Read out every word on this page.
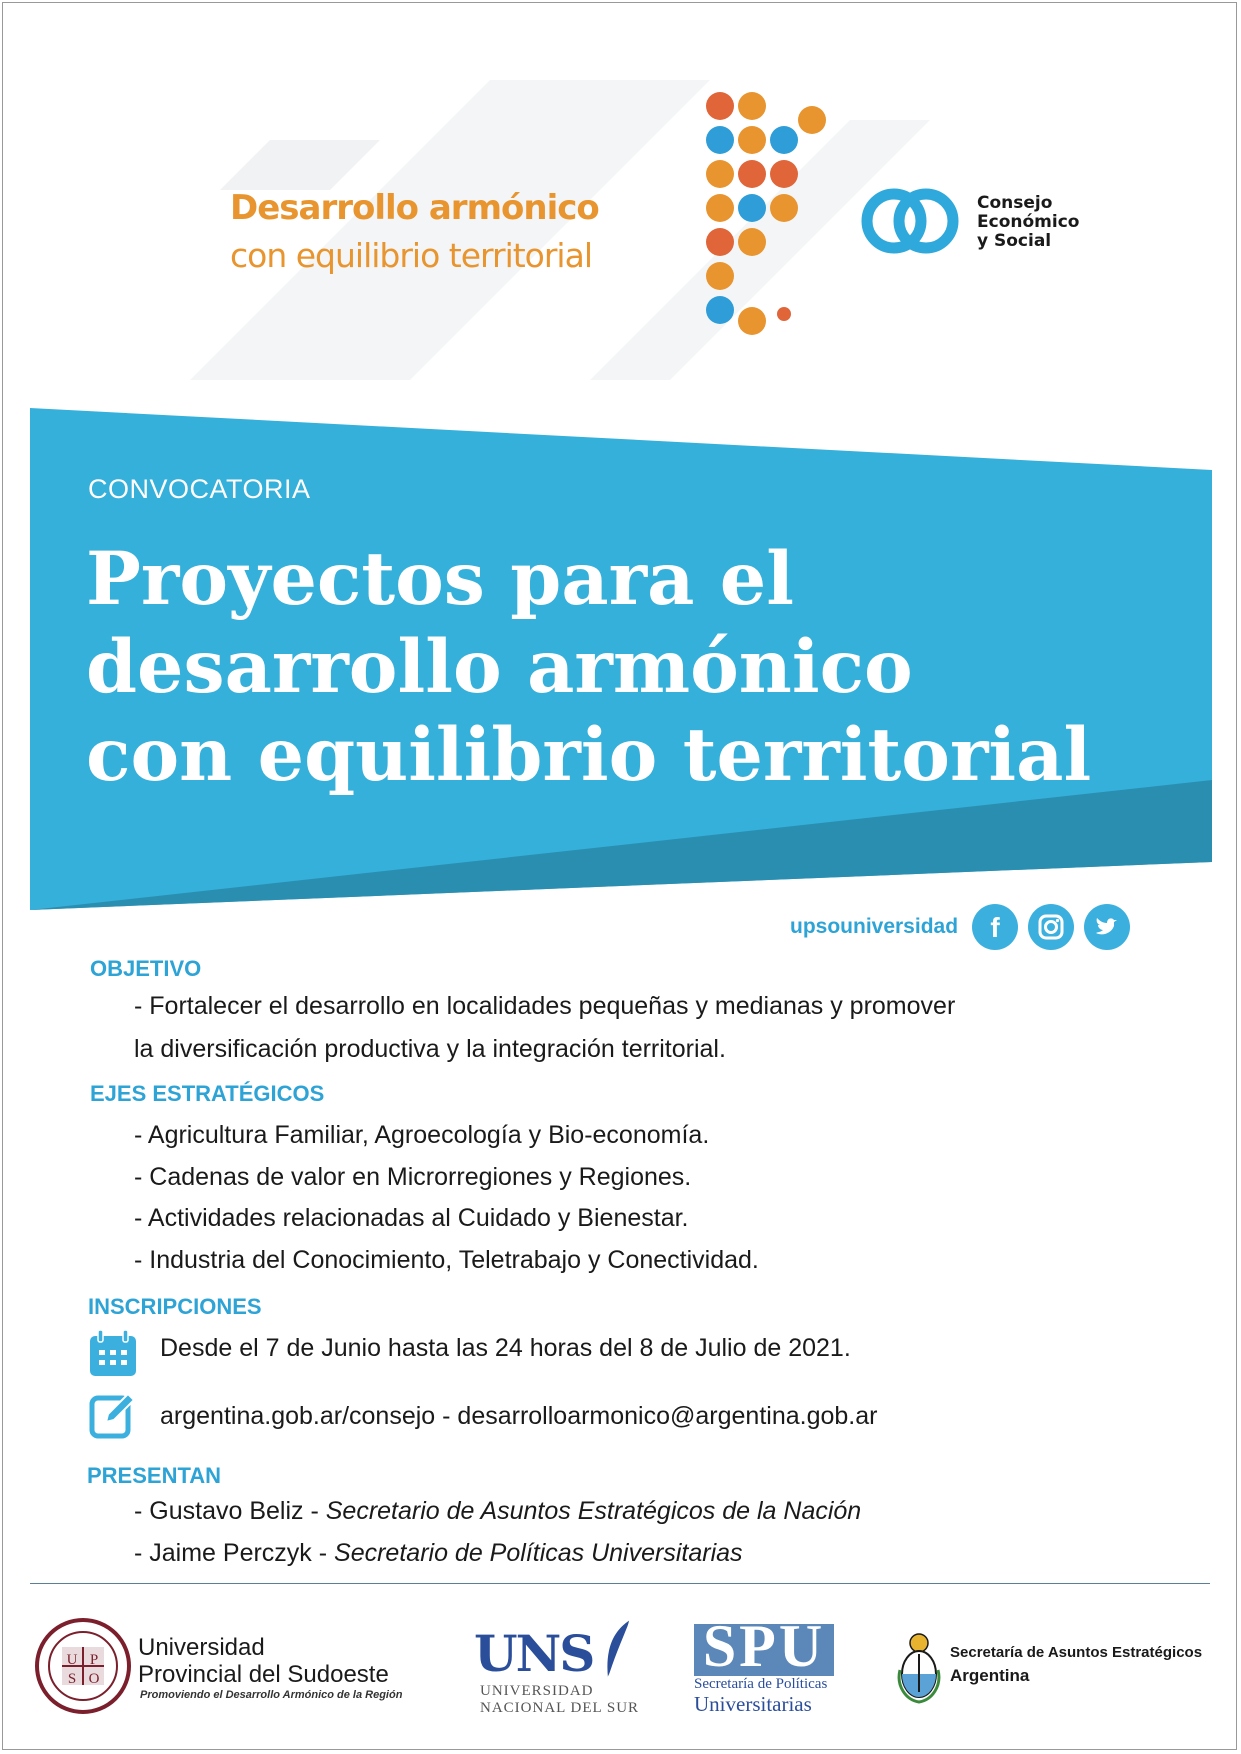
Desarrollo armónico
con equilibrio territorial
Consejo
Económico
y Social
CONVOCATORIA
Proyectos para el
desarrollo armónico
con equilibrio territorial
upsouniversidad f
OBJETIVO
- Fortalecer el desarrollo en localidades pequeñas y medianas y promover
la diversificación productiva y la integración territorial.
EJES ESTRATÉGICOS
- Agricultura Familiar, Agroecología y Bio-economía.
- Cadenas de valor en Microrregiones y Regiones.
- Actividades relacionadas al Cuidado y Bienestar.
- Industria del Conocimiento, Teletrabajo y Conectividad.
INSCRIPCIONES
Desde el 7 de Junio hasta las 24 horas del 8 de Julio de 2021.
argentina.gob.ar/consejo - desarrolloarmonico@argentina.gob.ar
PRESENTAN
- Gustavo Beliz - Secretario de Asuntos Estratégicos de la Nación
- Jaime Perczyk - Secretario de Políticas Universitarias
U P
S O
Universidad
Provincial del Sudoeste
Promoviendo el Desarrollo Armónico de la Región
UNS
UNIVERSIDAD
NACIONAL DEL SUR
SPU
Secretaría de Políticas
Universitarias
Secretaría de Asuntos Estratégicos
Argentina
